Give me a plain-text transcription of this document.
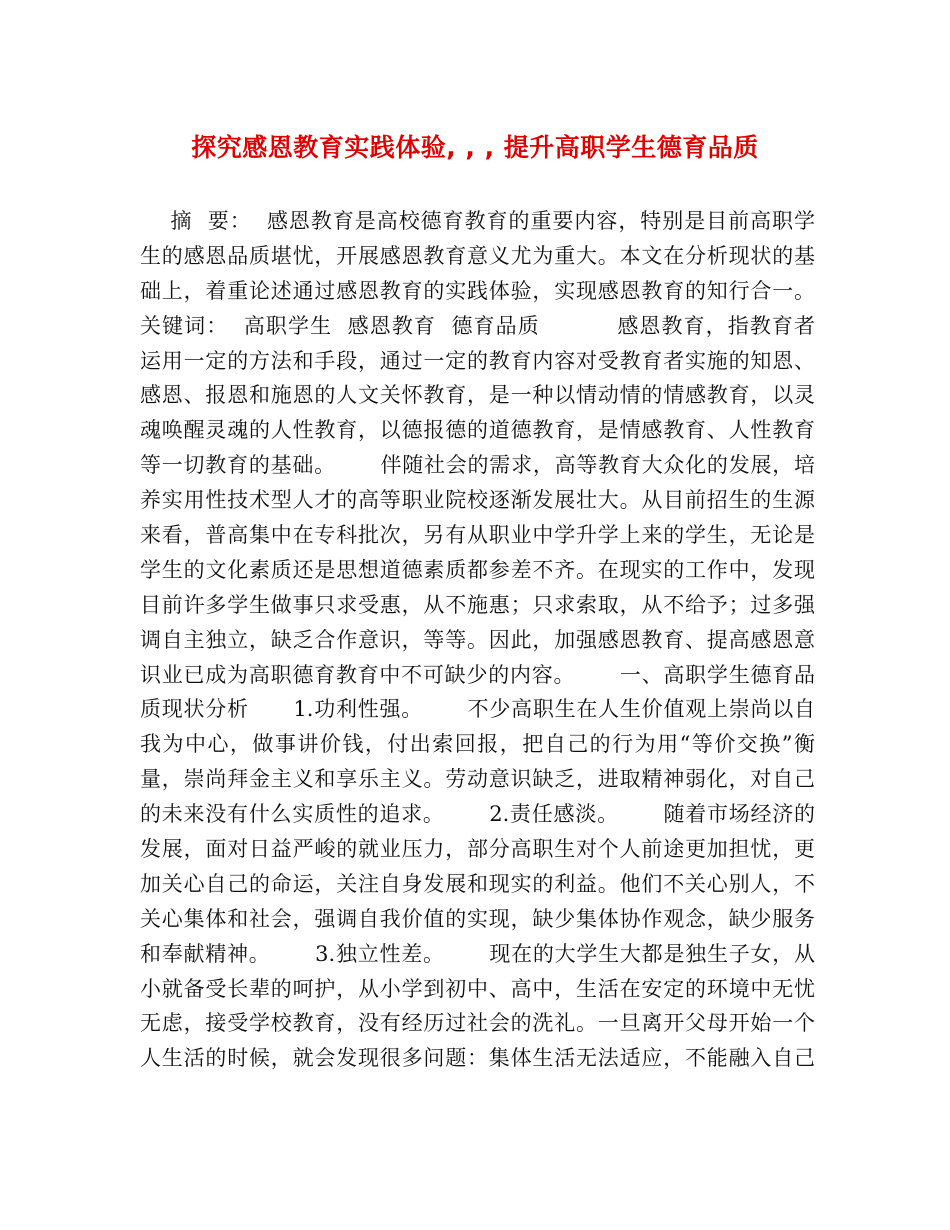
探究感恩教育实践体验, , , 提升高职学生德育品质
摘  要：  感恩教育是高校德育教育的重要内容，特别是目前高职学
生的感恩品质堪忧，开展感恩教育意义尤为重大。本文在分析现状的基
础上，着重论述通过感恩教育的实践体验，实现感恩教育的知行合一。
关键词：  高职学生  感恩教育  德育品质          感恩教育，指教育者
运用一定的方法和手段，通过一定的教育内容对受教育者实施的知恩、
感恩、报恩和施恩的人文关怀教育，是一种以情动情的情感教育，以灵
魂唤醒灵魂的人性教育，以德报德的道德教育，是情感教育、人性教育
等一切教育的基础。      伴随社会的需求，高等教育大众化的发展，培
养实用性技术型人才的高等职业院校逐渐发展壮大。从目前招生的生源
来看，普高集中在专科批次，另有从职业中学升学上来的学生，无论是
学生的文化素质还是思想道德素质都参差不齐。在现实的工作中，发现
目前许多学生做事只求受惠，从不施惠；只求索取，从不给予；过多强
调自主独立，缺乏合作意识，等等。因此，加强感恩教育、提高感恩意
识业已成为高职德育教育中不可缺少的内容。      一、高职学生德育品
质现状分析      1.功利性强。      不少高职生在人生价值观上崇尚以自
我为中心，做事讲价钱，付出索回报，把自己的行为用“等价交换”衡
量，崇尚拜金主义和享乐主义。劳动意识缺乏，进取精神弱化，对自己
的未来没有什么实质性的追求。      2.责任感淡。      随着市场经济的
发展，面对日益严峻的就业压力，部分高职生对个人前途更加担忧，更
加关心自己的命运，关注自身发展和现实的利益。他们不关心别人，不
关心集体和社会，强调自我价值的实现，缺少集体协作观念，缺少服务
和奉献精神。      3.独立性差。      现在的大学生大都是独生子女，从
小就备受长辈的呵护，从小学到初中、高中，生活在安定的环境中无忧
无虑，接受学校教育，没有经历过社会的洗礼。一旦离开父母开始一个
人生活的时候，就会发现很多问题：集体生活无法适应，不能融入自己
